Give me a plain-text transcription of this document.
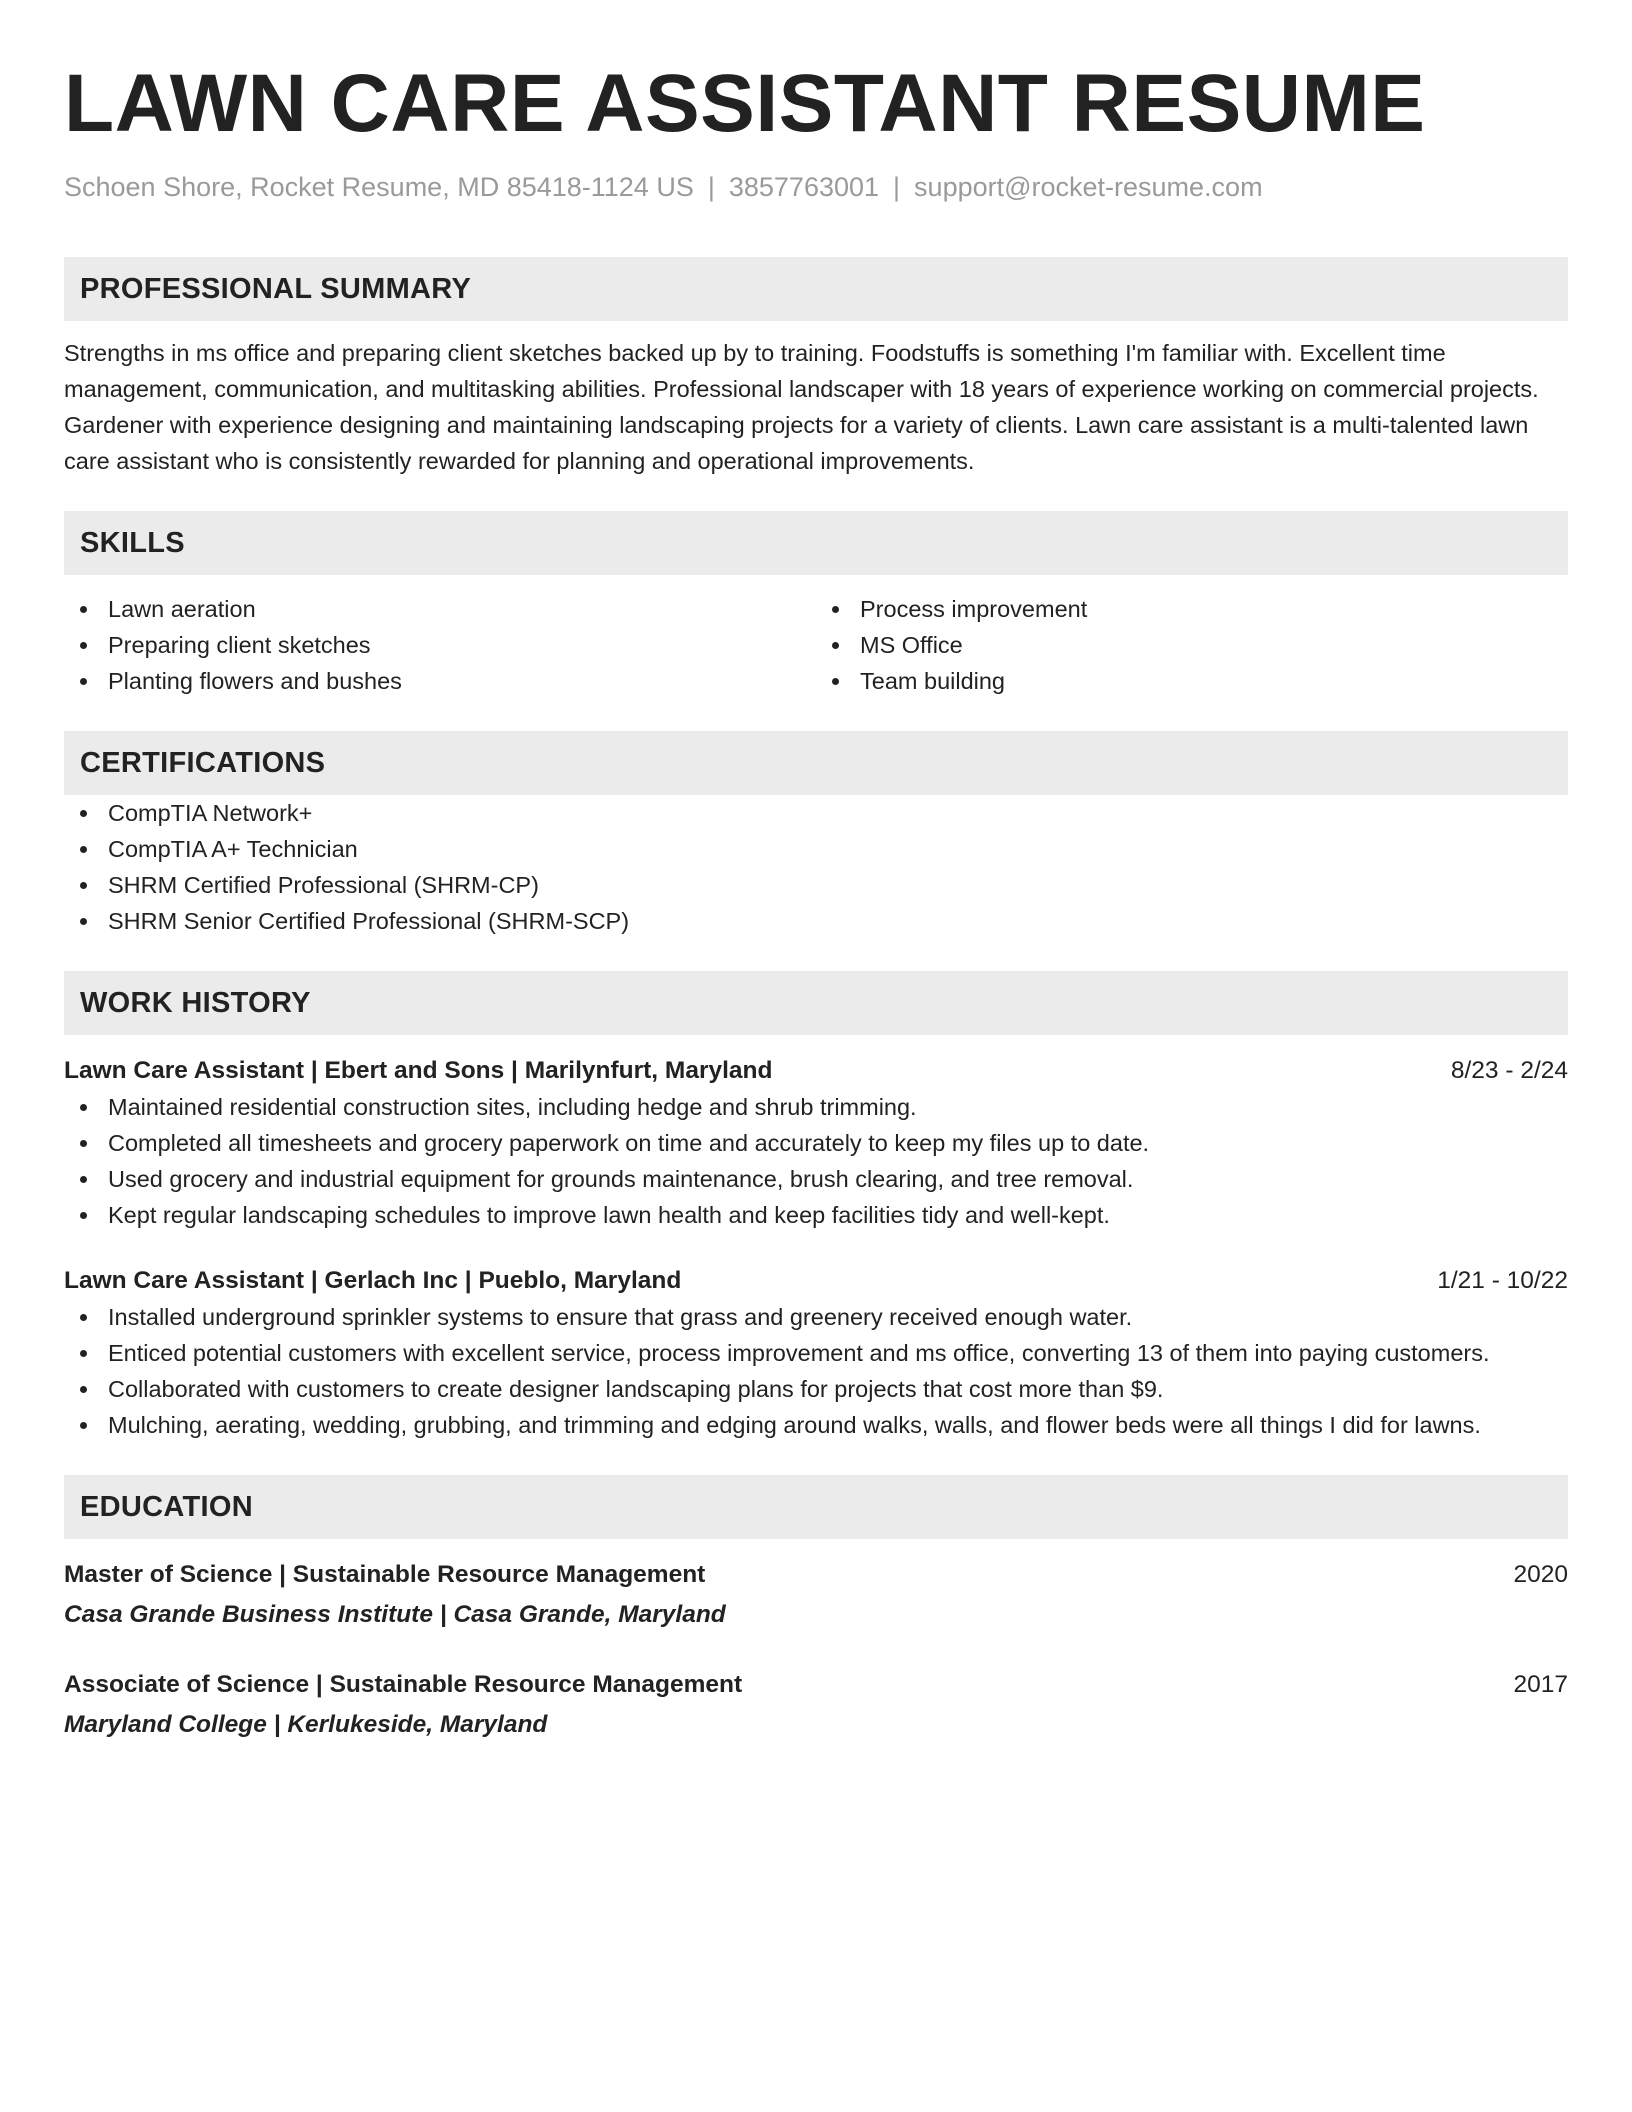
LAWN CARE ASSISTANT RESUME
Schoen Shore, Rocket Resume, MD 85418-1124 US | 3857763001 | support@rocket-resume.com
PROFESSIONAL SUMMARY

Strengths in ms office and preparing client sketches backed up by to training. Foodstuffs is something I'm familiar with. Excellent time management, communication, and multitasking abilities. Professional landscaper with 18 years of experience working on commercial projects. Gardener with experience designing and maintaining landscaping projects for a variety of clients. Lawn care assistant is a multi-talented lawn care assistant who is consistently rewarded for planning and operational improvements.

SKILLS
Lawn aeration
Preparing client sketches
Planting flowers and bushes
Process improvement
MS Office
Team building
CERTIFICATIONS
CompTIA Network+
CompTIA A+ Technician
SHRM Certified Professional (SHRM-CP)
SHRM Senior Certified Professional (SHRM-SCP)
WORK HISTORY
Lawn Care Assistant | Ebert and Sons | Marilynfurt, Maryland	8/23 - 2/24
Maintained residential construction sites, including hedge and shrub trimming.
Completed all timesheets and grocery paperwork on time and accurately to keep my files up to date.
Used grocery and industrial equipment for grounds maintenance, brush clearing, and tree removal.
Kept regular landscaping schedules to improve lawn health and keep facilities tidy and well-kept.
Lawn Care Assistant | Gerlach Inc | Pueblo, Maryland	1/21 - 10/22
Installed underground sprinkler systems to ensure that grass and greenery received enough water.
Enticed potential customers with excellent service, process improvement and ms office, converting 13 of them into paying customers.
Collaborated with customers to create designer landscaping plans for projects that cost more than $9.
Mulching, aerating, wedding, grubbing, and trimming and edging around walks, walls, and flower beds were all things I did for lawns.
EDUCATION
Master of Science | Sustainable Resource Management	2020
Casa Grande Business Institute | Casa Grande, Maryland
Associate of Science | Sustainable Resource Management	2017
Maryland College | Kerlukeside, Maryland
